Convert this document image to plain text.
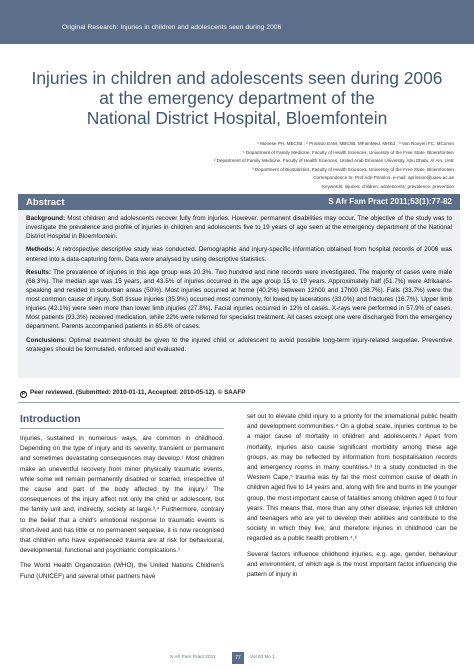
Original Research: Injuries in children and adolescents seen during 2006
Injuries in children and adolescents seen during 2006
at the emergency department of the
National District Hospital, Bloemfontein
¹ Monese PH, MBChB ; ² Prinsloo EAM, MBChB, MFamMed, MHEd ; ³ Van Rooyen FC, MComm
¹ Department of Family Medicine, Faculty of Health Sciences, University of the Free State, Bloemfontein
² Department of Family Medicine, Faculty of Health Sciences, United Arab Emirates University, Abu Dhabi, Al Ain, UAE
³ Department of Biostatistics, Faculty of Health Sciences, University of the Free State, Bloemfontein
Correspondence to: Prof Adri Prinsloo, e-mail: aprinsloo@uaeu.ac.ae
Keywords: injuries; children; adolescents; prevalence; prevention
Abstract	S Afr Fam Pract 2011;53(1):77-82

Background: Most children and adolescents recover fully from injuries. However, permanent disabilities may occur. The objective of the study was to investigate the prevalence and profile of injuries in children and adolescents five to 19 years of age seen at the emergency department of the National District Hospital in Bloemfontein.

Methods: A retrospective descriptive study was conducted. Demographic and injury-specific information obtained from hospital records of 2006 was entered into a data-capturing form. Data were analysed by using descriptive statistics.

Results: The prevalence of injuries in this age group was 20.3%. Two hundred and nine records were investigated. The majority of cases were male (68.3%). The median age was 15 years, and 43.5% of injuries occurred in the age group 15 to 19 years. Approximately half (51.7%) were Afrikaans-speaking and resided in suburban areas (50%). Most injuries occurred at home (40.2%) between 12h00 and 17h00 (38.7%). Falls (33.7%) were the most common cause of injury. Soft tissue injuries (35.9%) occurred most commonly, fol lowed by lacerations (33.0%) and fractures (16.7%). Upper limb injuries (42.1%) were seen more than lower limb injuries (27.8%). Facial injuries occurred in 12% of cases. X-rays were performed in 57.9% of cases. Most patients (93.3%) received medication, while 22% were referred for specialist treatment. All cases except one were discharged from the emergency department. Parents accompanied patients in 65.6% of cases.

Conclusions: Optimal treatment should be given to the injured child or adolescent to avoid possible long-term injury-related sequelae. Preventive strategies should be formulated, enforced and evaluated.

P Peer reviewed. (Submitted: 2010-01-11, Accepted: 2010-05-12). © SAAFP
Introduction

Injuries, sustained in numerous ways, are common in childhood. Depending on the type of injury and its severity, transient or permanent and sometimes devastating consequences may develop.¹ Most children make an uneventful recovery from minor physically traumatic events, while some will remain permanently disabled or scarred, irrespective of the cause and part of the body affected by the injury.² The consequences of the injury affect not only the child or adolescent, but the family unit and, indirectly, society at large.³,⁴ Furthermore, contrary to the belief that a child's emotional response to traumatic events is short-lived and has little or no permanent sequelae, it is now recognised that children who have experienced trauma are at risk for behavioural, developmental, functional and psychiatric complications.¹

The World Health Organization (WHO), the United Nations Children's Fund (UNICEF) and several other partners have

set out to elevate child injury to a priority for the international public health and development communities.⁴ On a global scale, injuries continue to be a major cause of mortality in children and adolescents.³ Apart from mortality, injuries also cause significant morbidity among these age groups, as may be reflected by information from hospitalisation records and emergency rooms in many countries.³ In a study conducted in the Western Cape,⁵ trauma was by far the most common cause of death in children aged five to 14 years and, along with fire and burns in the younger group, the most important cause of fatalities among children aged 0 to four years. This means that, more than any other disease, injuries kill children and teenagers who are yet to develop their abilities and contribute to the society in which they live, and therefore injuries in childhood can be regarded as a public health problem.⁴,⁶

Several factors influence childhood injuries, e.g. age, gender, behaviour and environment, of which age is the most important factor influencing the pattern of injury in

S Afr Fam Pract 2011	77	Vol 53 No 1
